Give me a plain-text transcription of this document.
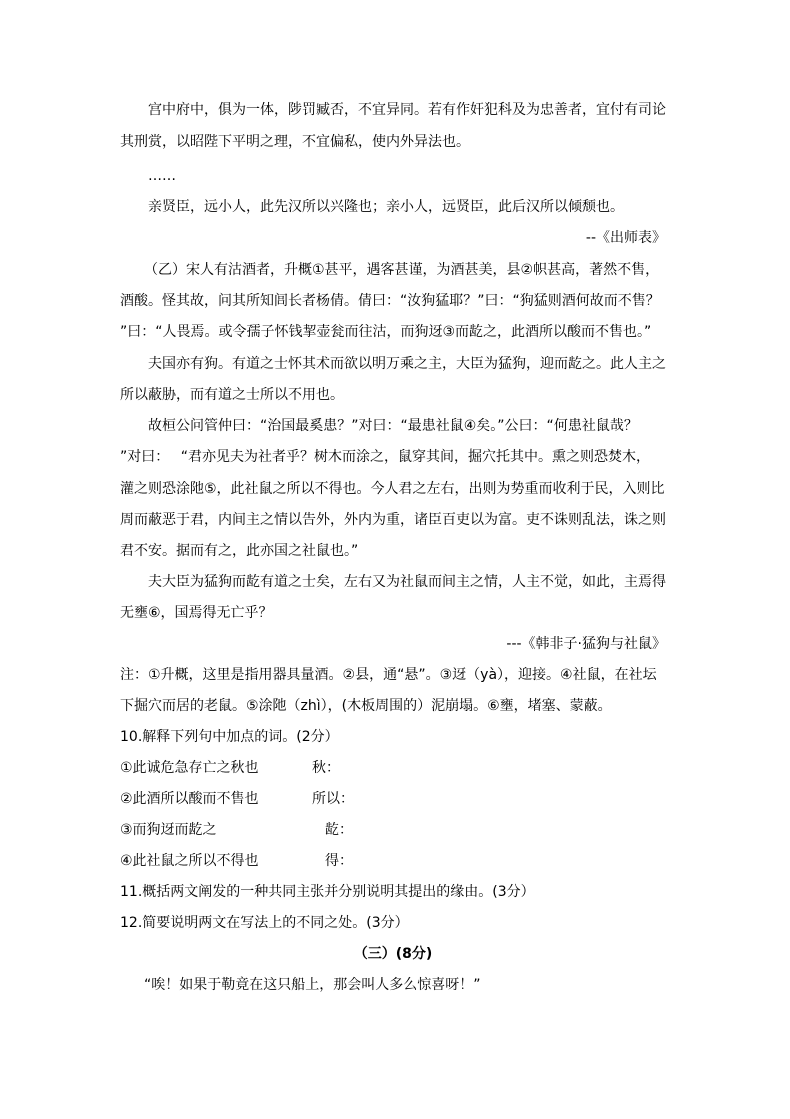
宫中府中，俱为一体，陟罚臧否，不宜异同。若有作奸犯科及为忠善者，宜付有司论
其刑赏，以昭陛下平明之理，不宜偏私，使内外异法也。
……
亲贤臣，远小人，此先汉所以兴隆也；亲小人，远贤臣，此后汉所以倾颓也。
--《出师表》
（乙）宋人有沽酒者，升概①甚平，遇客甚谨，为酒甚美，县②帜甚高，著然不售，
酒酸。怪其故，问其所知闾长者杨倩。倩曰：“汝狗猛耶？”曰：“狗猛则酒何故而不售？
”曰：“人畏焉。或令孺子怀钱挈壶瓮而往沽，而狗迓③而龁之，此酒所以酸而不售也。”
夫国亦有狗。有道之士怀其术而欲以明万乘之主，大臣为猛狗，迎而龁之。此人主之
所以蔽胁，而有道之士所以不用也。
故桓公问管仲曰：“治国最奚患？”对曰：“最患社鼠④矣。”公曰：“何患社鼠哉？
”对曰：　 “君亦见夫为社者乎？树木而涂之，鼠穿其间，掘穴托其中。熏之则恐焚木，
灌之则恐涂阤⑤，此社鼠之所以不得也。今人君之左右，出则为势重而收利于民，入则比
周而蔽恶于君，内间主之情以告外，外内为重，诸臣百吏以为富。吏不诛则乱法，诛之则
君不安。据而有之，此亦国之社鼠也。”
夫大臣为猛狗而龁有道之士矣，左右又为社鼠而间主之情，人主不觉，如此，主焉得
无壅⑥，国焉得无亡乎？
---《韩非子·猛狗与社鼠》
注：①升概，这里是指用器具量酒。②县，通“悬”。③迓（yà），迎接。④社鼠，在社坛
下掘穴而居的老鼠。⑤涂阤（zhì），(木板周围的）泥崩塌。⑥壅，堵塞、蒙蔽。
10.解释下列句中加点的词。(2分）
①此诚危急存亡之秋也	秋：
②此酒所以酸而不售也	所以：
③而狗迓而龁之	龁：
④此社鼠之所以不得也	得：
11.概括两文阐发的一种共同主张并分别说明其提出的缘由。(3分）
12.简要说明两文在写法上的不同之处。(3分）
（三）(8分)
“唉！如果于勒竟在这只船上，那会叫人多么惊喜呀！”
